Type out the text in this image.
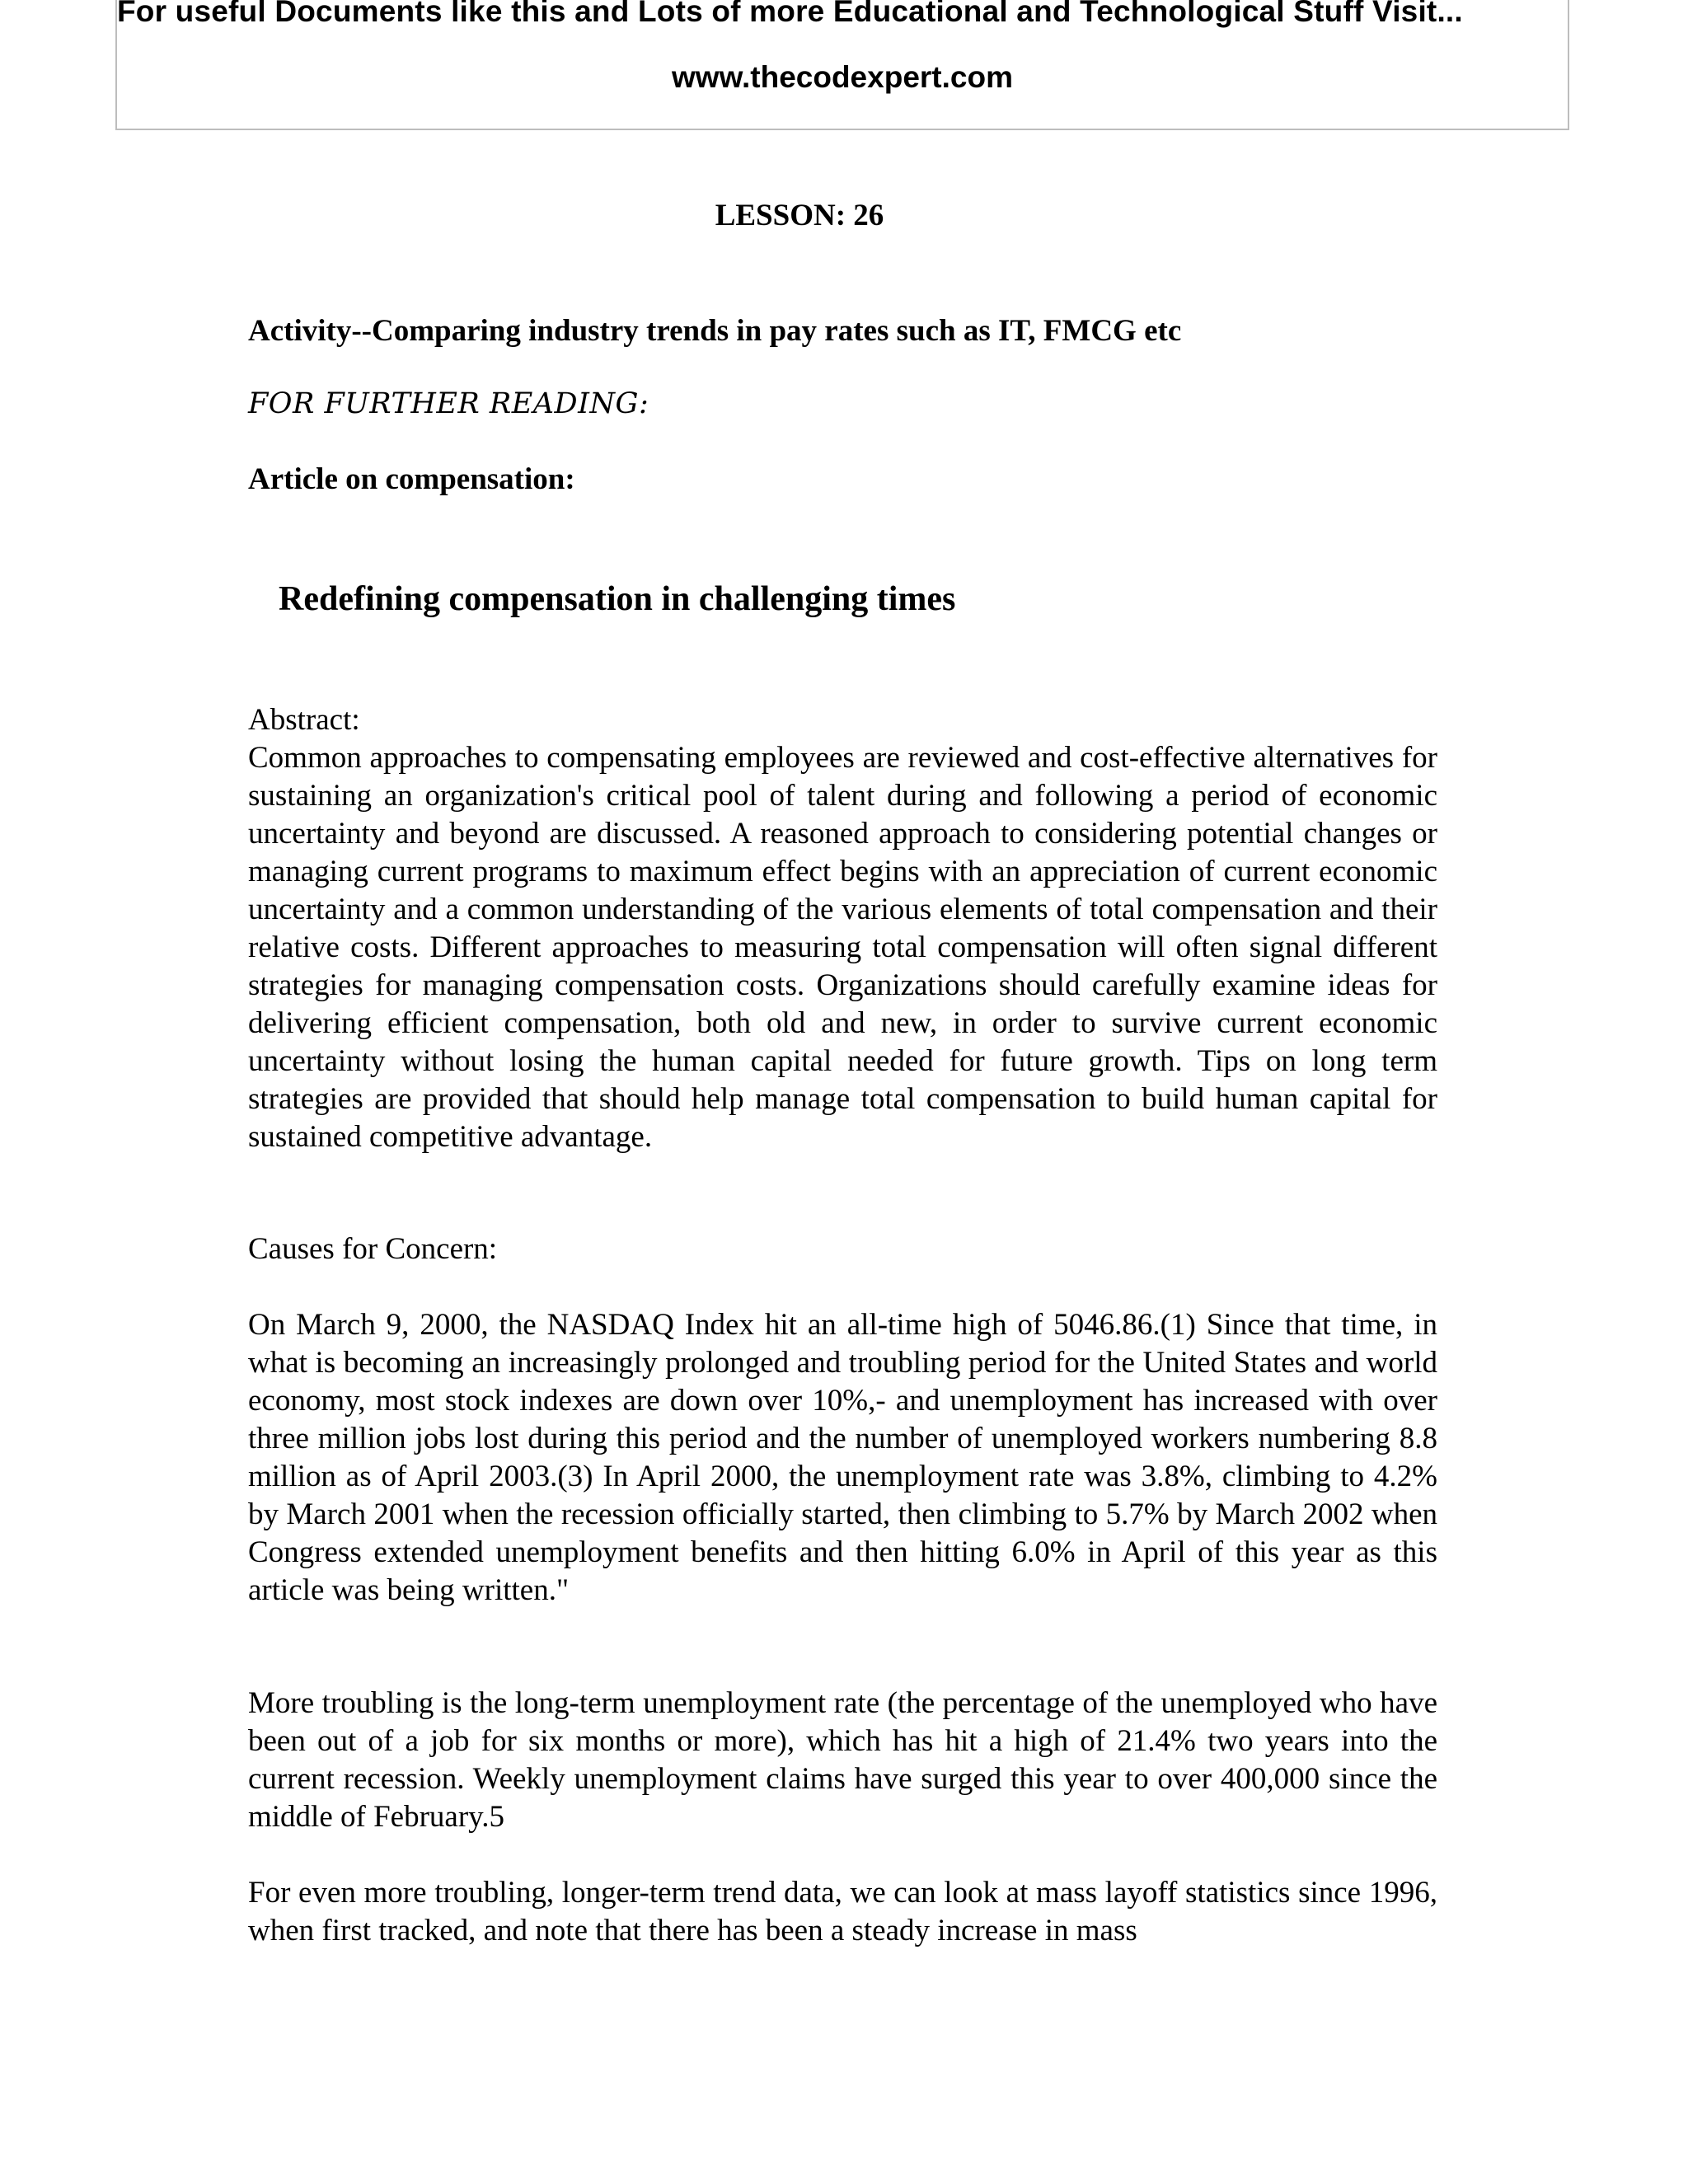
For useful Documents like this and Lots of more Educational and Technological Stuff Visit...
www.thecodexpert.com
LESSON: 26
Activity--Comparing industry trends in pay rates such as IT, FMCG etc
FOR FURTHER READING:
Article on compensation:
Redefining compensation in challenging times
Abstract:

Common approaches to compensating employees are reviewed and cost-effective alternatives for sustaining an organization's critical pool of talent during and following a period of economic uncertainty and beyond are discussed. A reasoned approach to considering potential changes or managing current programs to maximum effect begins with an appreciation of current economic uncertainty and a common understanding of the various elements of total compensation and their relative costs. Different approaches to measuring total compensation will often signal different strategies for managing compensation costs. Organizations should carefully examine ideas for delivering efficient compensation, both old and new, in order to survive current economic uncertainty without losing the human capital needed for future growth. Tips on long term strategies are provided that should help manage total compensation to build human capital for sustained competitive advantage.

Causes for Concern:

On March 9, 2000, the NASDAQ Index hit an all-time high of 5046.86.(1) Since that time, in what is becoming an increasingly prolonged and troubling period for the United States and world economy, most stock indexes are down over 10%,- and unemployment has increased with over three million jobs lost during this period and the number of unemployed workers numbering 8.8 million as of April 2003.(3) In April 2000, the unemployment rate was 3.8%, climbing to 4.2% by March 2001 when the recession officially started, then climbing to 5.7% by March 2002 when Congress extended unemployment benefits and then hitting 6.0% in April of this year as this article was being written."

More troubling is the long-term unemployment rate (the percentage of the unemployed who have been out of a job for six months or more), which has hit a high of 21.4% two years into the current recession. Weekly unemployment claims have surged this year to over 400,000 since the middle of February.5

For even more troubling, longer-term trend data, we can look at mass layoff statistics since 1996, when first tracked, and note that there has been a steady increase in mass
